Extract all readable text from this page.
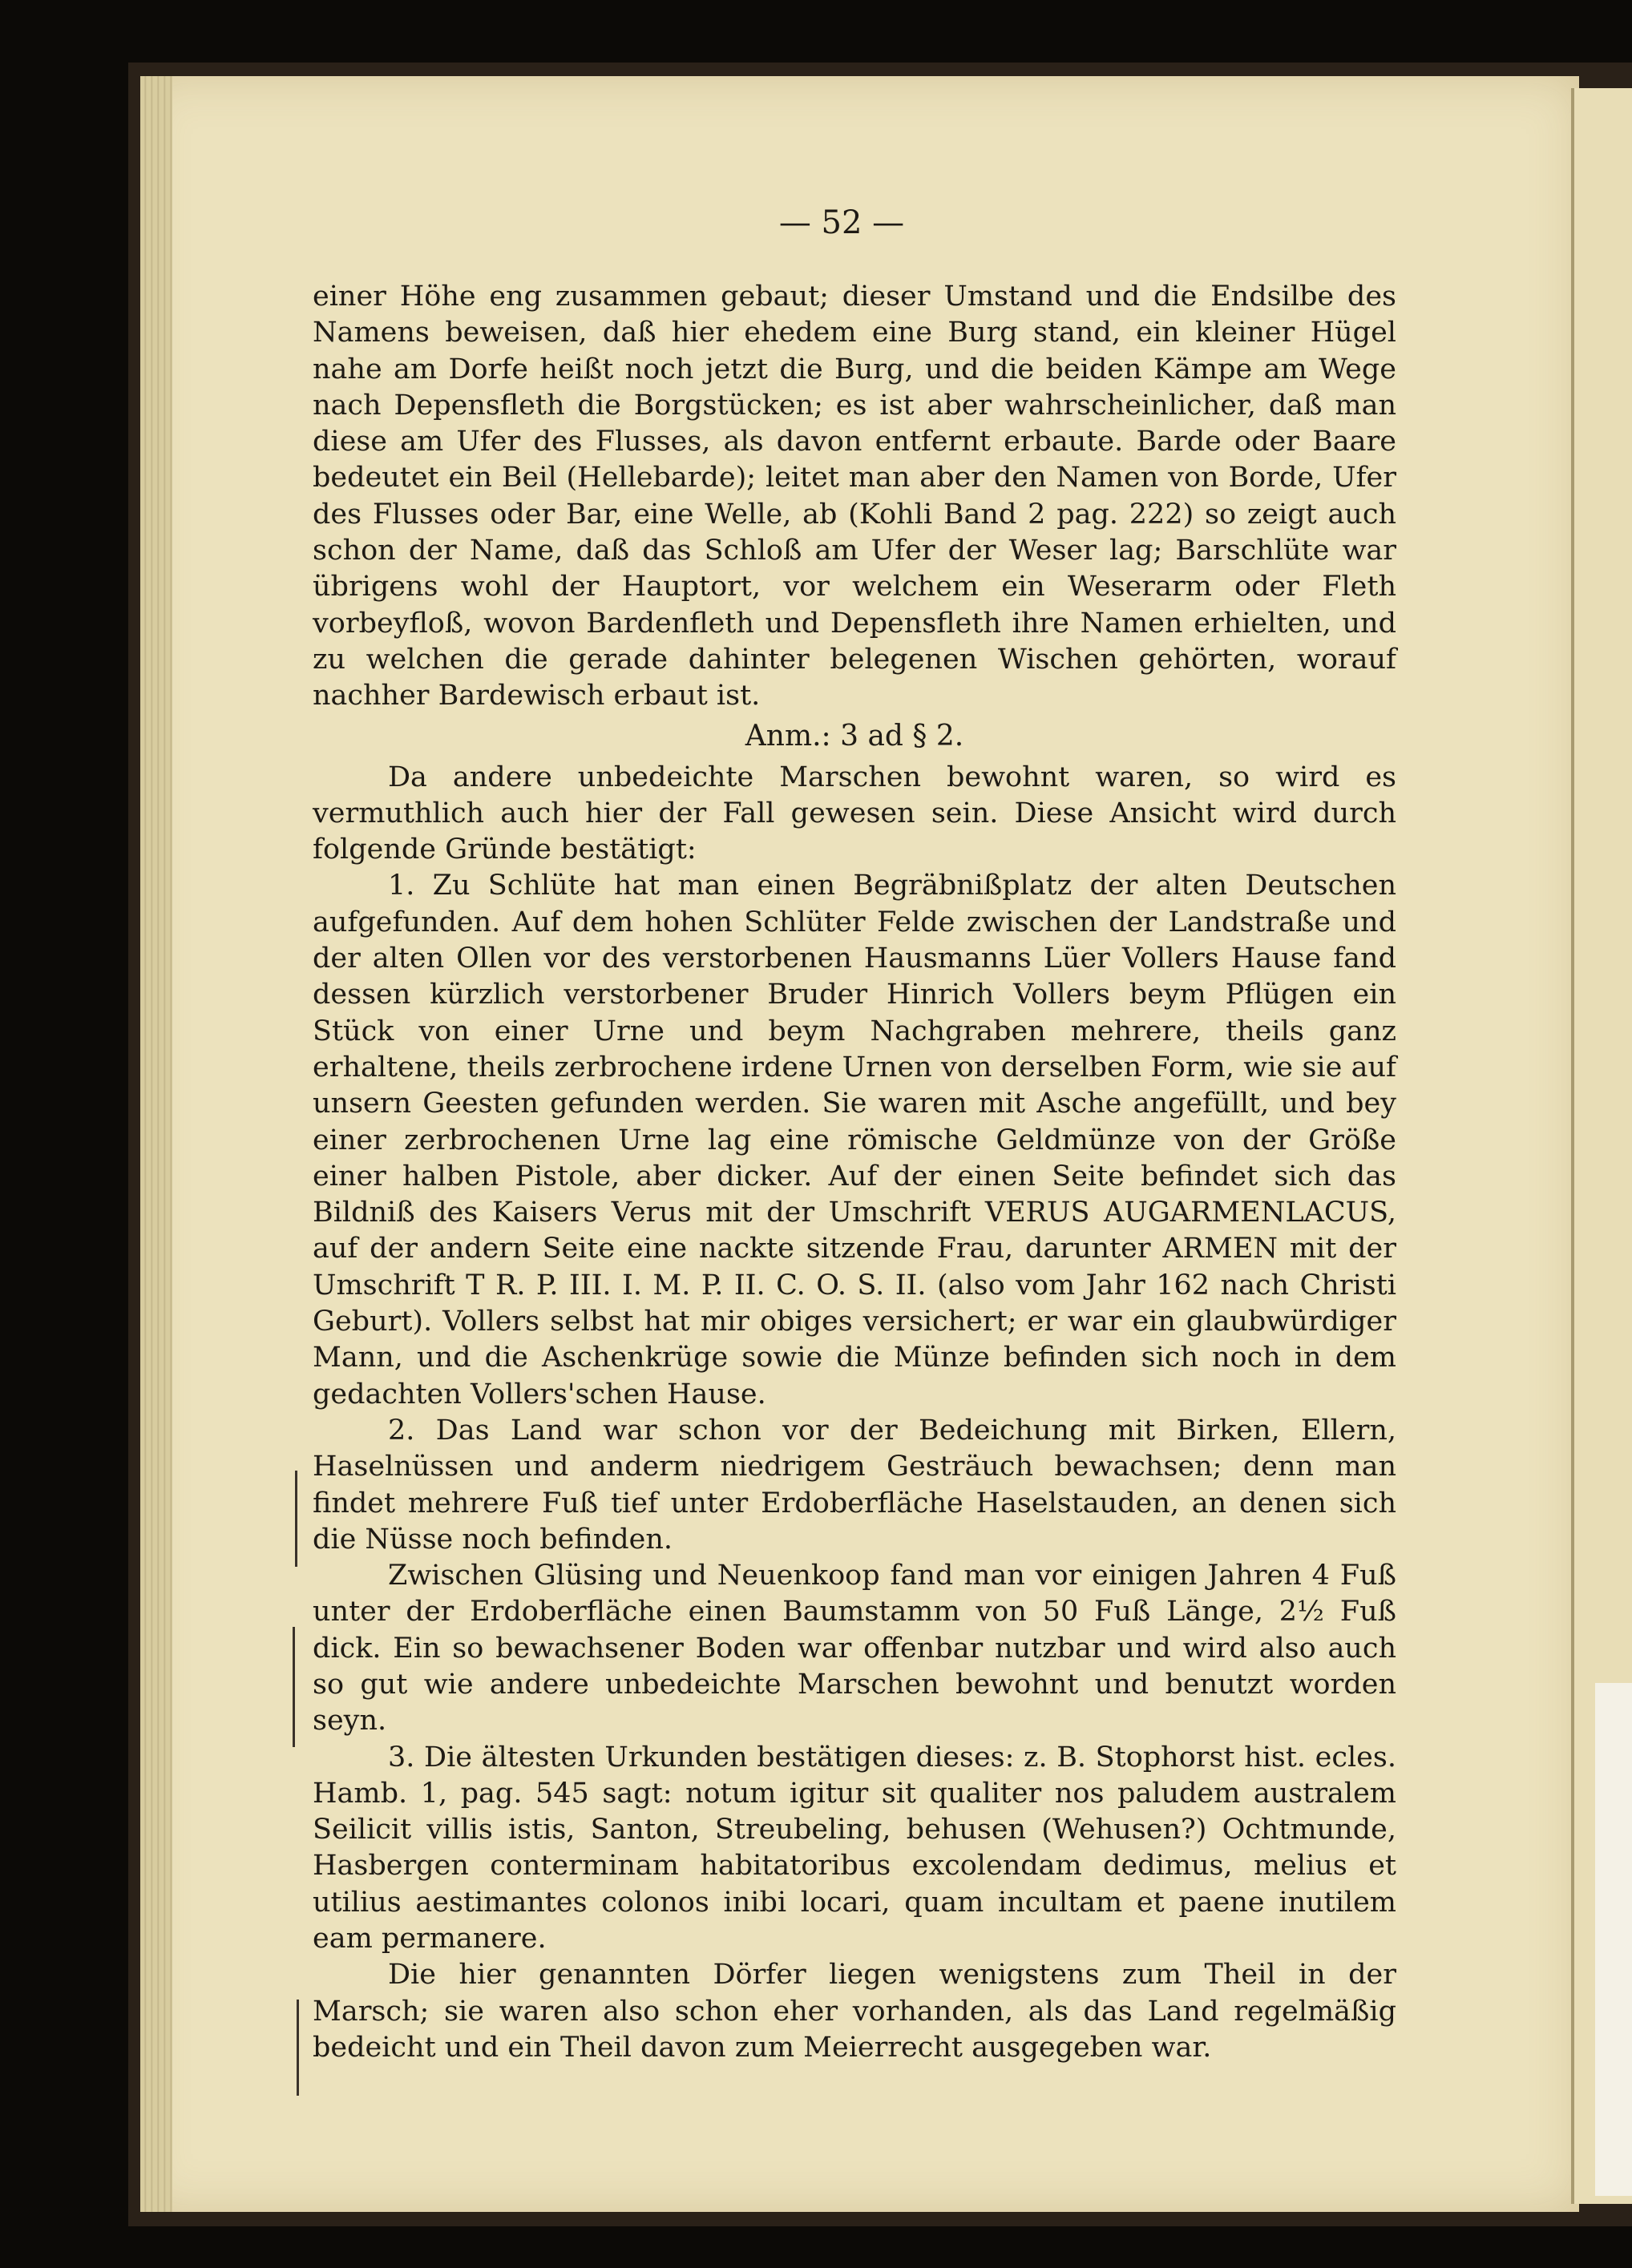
— 52 —

einer Höhe eng zusammen gebaut; dieser Umstand und die Endsilbe des Namens beweisen, daß hier ehedem eine Burg stand, ein kleiner Hügel nahe am Dorfe heißt noch jetzt die Burg, und die beiden Kämpe am Wege nach Depensfleth die Borgstücken; es ist aber wahrscheinlicher, daß man diese am Ufer des Flusses, als davon entfernt erbaute. Barde oder Baare bedeutet ein Beil (Hellebarde); leitet man aber den Namen von Borde, Ufer des Flusses oder Bar, eine Welle, ab (Kohli Band 2 pag. 222) so zeigt auch schon der Name, daß das Schloß am Ufer der Weser lag; Barschlüte war übrigens wohl der Hauptort, vor welchem ein Weserarm oder Fleth vorbeyfloß, wovon Bardenfleth und Depensfleth ihre Namen erhielten, und zu welchen die gerade dahinter belegenen Wischen gehörten, worauf nachher Bardewisch erbaut ist.

Anm.: 3 ad § 2.

Da andere unbedeichte Marschen bewohnt waren, so wird es vermuthlich auch hier der Fall gewesen sein. Diese Ansicht wird durch folgende Gründe bestätigt:

1. Zu Schlüte hat man einen Begräbnißplatz der alten Deutschen aufgefunden. Auf dem hohen Schlüter Felde zwischen der Landstraße und der alten Ollen vor des verstorbenen Hausmanns Lüer Vollers Hause fand dessen kürzlich verstorbener Bruder Hinrich Vollers beym Pflügen ein Stück von einer Urne und beym Nachgraben mehrere, theils ganz erhaltene, theils zerbrochene irdene Urnen von derselben Form, wie sie auf unsern Geesten gefunden werden. Sie waren mit Asche angefüllt, und bey einer zerbrochenen Urne lag eine römische Geldmünze von der Größe einer halben Pistole, aber dicker. Auf der einen Seite befindet sich das Bildniß des Kaisers Verus mit der Umschrift VERUS AUGARMENLACUS, auf der andern Seite eine nackte sitzende Frau, darunter ARMEN mit der Umschrift T R. P. III. I. M. P. II. C. O. S. II. (also vom Jahr 162 nach Christi Geburt). Vollers selbst hat mir obiges versichert; er war ein glaubwürdiger Mann, und die Aschenkrüge sowie die Münze befinden sich noch in dem gedachten Vollers'schen Hause.

2. Das Land war schon vor der Bedeichung mit Birken, Ellern, Haselnüssen und anderm niedrigem Gesträuch bewachsen; denn man findet mehrere Fuß tief unter Erdoberfläche Haselstauden, an denen sich die Nüsse noch befinden.

Zwischen Glüsing und Neuenkoop fand man vor einigen Jahren 4 Fuß unter der Erdoberfläche einen Baumstamm von 50 Fuß Länge, 2½ Fuß dick. Ein so bewachsener Boden war offenbar nutzbar und wird also auch so gut wie andere unbedeichte Marschen bewohnt und benutzt worden seyn.

3. Die ältesten Urkunden bestätigen dieses: z. B. Stophorst hist. ecles. Hamb. 1, pag. 545 sagt: notum igitur sit qualiter nos paludem australem Seilicit villis istis, Santon, Streubeling, behusen (Wehusen?) Ochtmunde, Hasbergen conterminam habitatoribus excolendam dedimus, melius et utilius aestimantes colonos inibi locari, quam incultam et paene inutilem eam permanere.

Die hier genannten Dörfer liegen wenigstens zum Theil in der Marsch; sie waren also schon eher vorhanden, als das Land regelmäßig bedeicht und ein Theil davon zum Meierrecht ausgegeben war.
